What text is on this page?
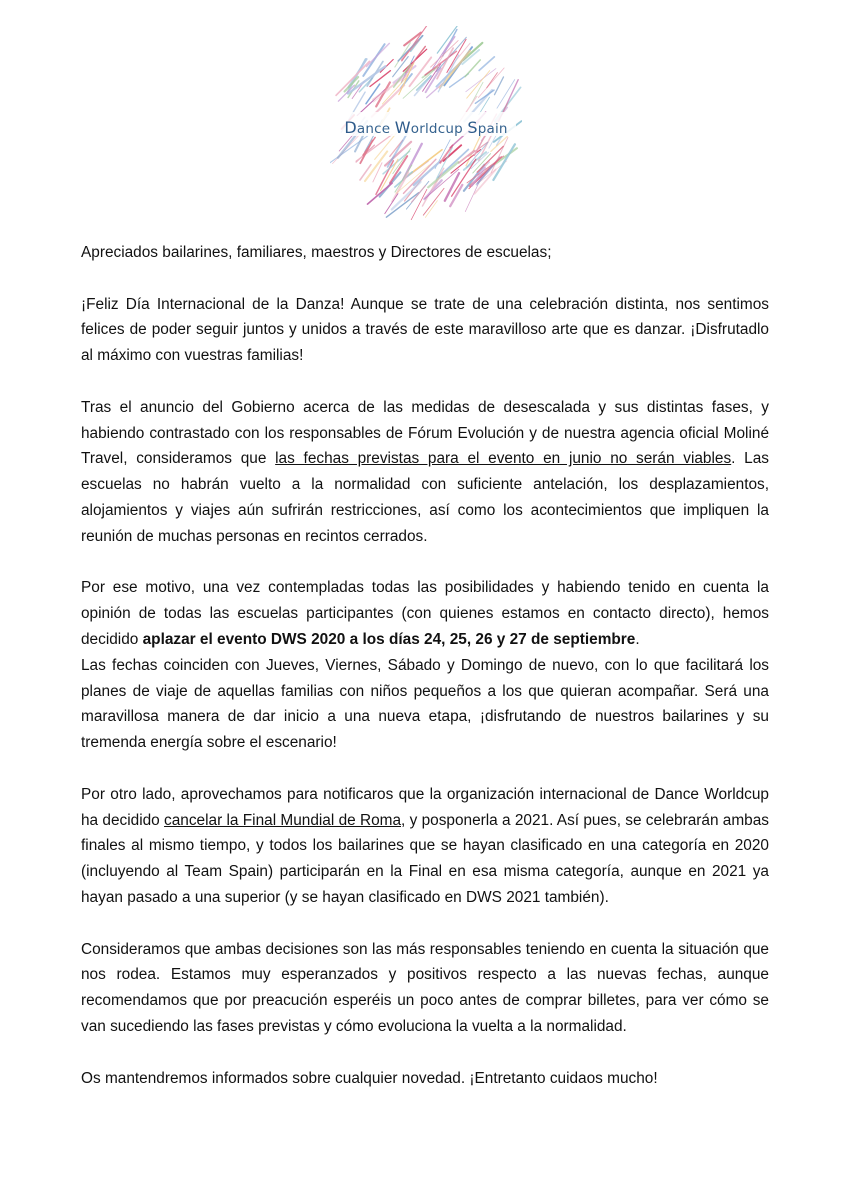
Dance Worldcup Spain

Apreciados bailarines, familiares, maestros y Directores de escuelas;

¡Feliz Día Internacional de la Danza! Aunque se trate de una celebración distinta, nos sentimos felices de poder seguir juntos y unidos a través de este maravilloso arte que es danzar. ¡Disfrutadlo al máximo con vuestras familias!

Tras el anuncio del Gobierno acerca de las medidas de desescalada y sus distintas fases, y habiendo contrastado con los responsables de Fórum Evolución y de nuestra agencia oficial Moliné Travel, consideramos que las fechas previstas para el evento en junio no serán viables. Las escuelas no habrán vuelto a la normalidad con suficiente antelación, los desplazamientos, alojamientos y viajes aún sufrirán restricciones, así como los acontecimientos que impliquen la reunión de muchas personas en recintos cerrados.

Por ese motivo, una vez contempladas todas las posibilidades y habiendo tenido en cuenta la opinión de todas las escuelas participantes (con quienes estamos en contacto directo), hemos decidido aplazar el evento DWS 2020 a los días 24, 25, 26 y 27 de septiembre.

Las fechas coinciden con Jueves, Viernes, Sábado y Domingo de nuevo, con lo que facilitará los planes de viaje de aquellas familias con niños pequeños a los que quieran acompañar. Será una maravillosa manera de dar inicio a una nueva etapa, ¡disfrutando de nuestros bailarines y su tremenda energía sobre el escenario!

Por otro lado, aprovechamos para notificaros que la organización internacional de Dance Worldcup ha decidido cancelar la Final Mundial de Roma, y posponerla a 2021. Así pues, se celebrarán ambas finales al mismo tiempo, y todos los bailarines que se hayan clasificado en una categoría en 2020 (incluyendo al Team Spain) participarán en la Final en esa misma categoría, aunque en 2021 ya hayan pasado a una superior (y se hayan clasificado en DWS 2021 también).

Consideramos que ambas decisiones son las más responsables teniendo en cuenta la situación que nos rodea. Estamos muy esperanzados y positivos respecto a las nuevas fechas, aunque recomendamos que por preacución esperéis un poco antes de comprar billetes, para ver cómo se van sucediendo las fases previstas y cómo evoluciona la vuelta a la normalidad.

Os mantendremos informados sobre cualquier novedad. ¡Entretanto cuidaos mucho!
